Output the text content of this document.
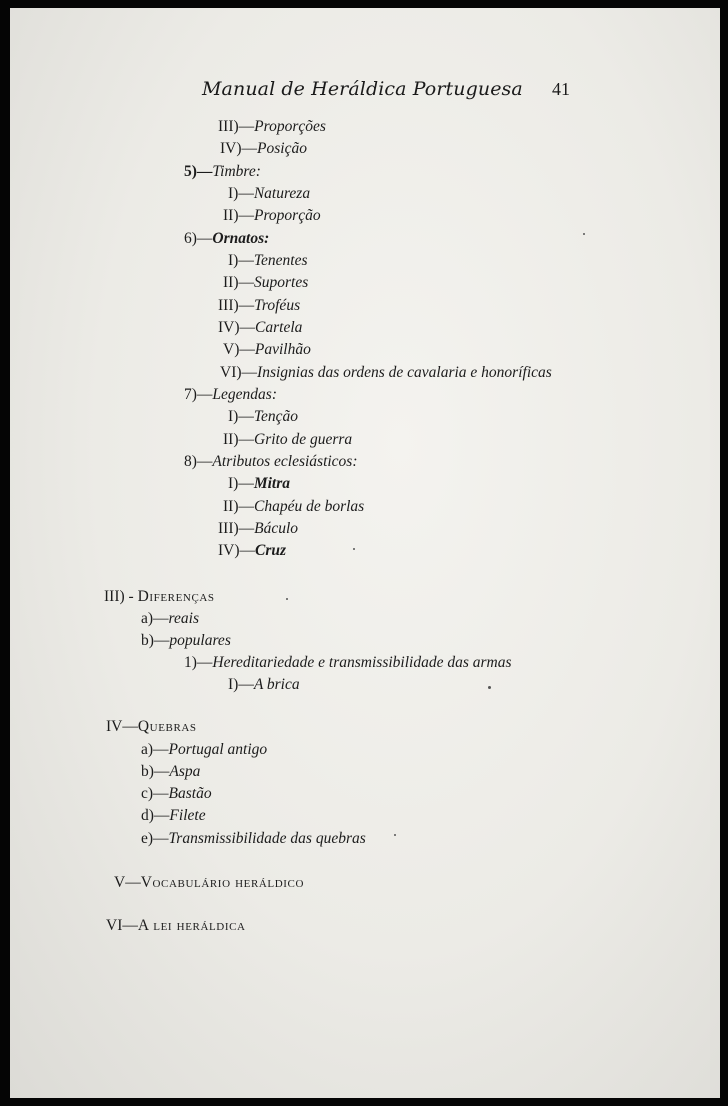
Manual de Heráldica Portuguesa 41
III)—Proporções
IV)—Posição
5)—Timbre:
I)—Natureza
II)—Proporção
6)—Ornatos:
I)—Tenentes
II)—Suportes
III)—Troféus
IV)—Cartela
V)—Pavilhão
VI)—Insignias das ordens de cavalaria e honoríficas
7)—Legendas:
I)—Tenção
II)—Grito de guerra
8)—Atributos eclesiásticos:
I)—Mitra
II)—Chapéu de borlas
III)—Báculo
IV)—Cruz
III) - Diferenças
a)—reais
b)—populares
1)—Hereditariedade e transmissibilidade das armas
I)—A brica
IV—Quebras
a)—Portugal antigo
b)—Aspa
c)—Bastão
d)—Filete
e)—Transmissibilidade das quebras
V—Vocabulário heráldico
VI—A lei heráldica
